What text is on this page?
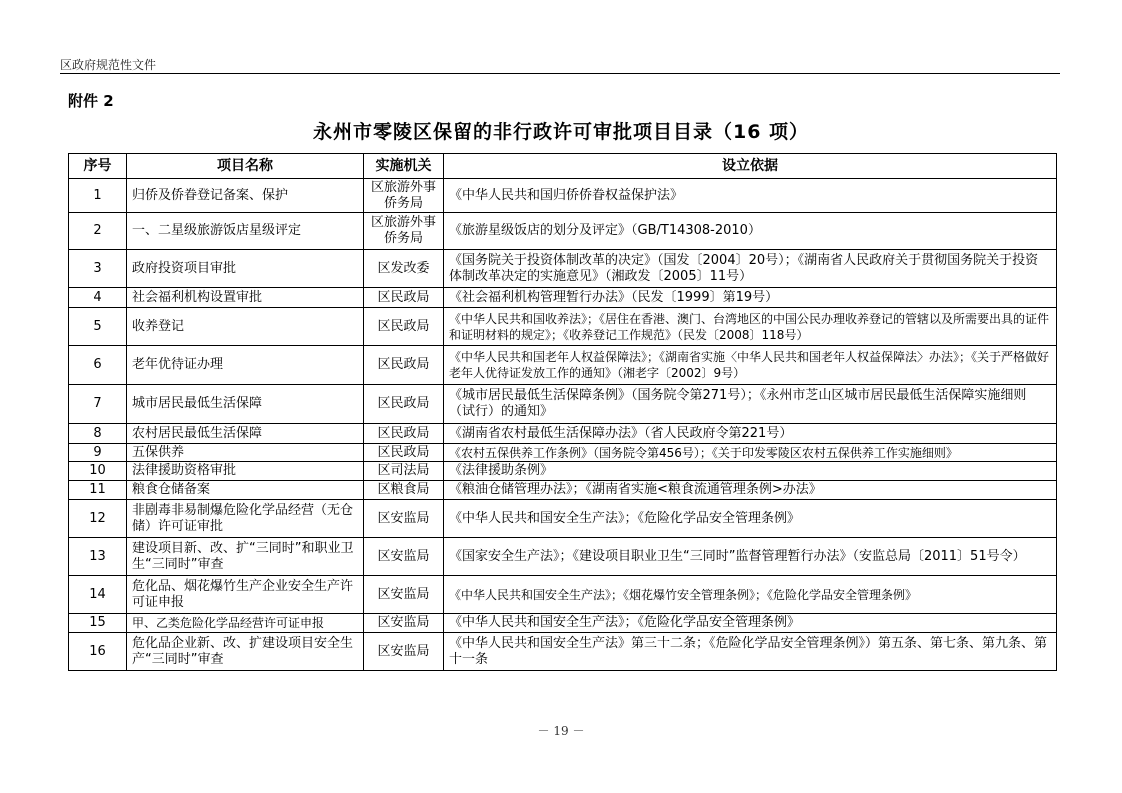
区政府规范性文件
附件 2
永州市零陵区保留的非行政许可审批项目目录（16 项）
序号	项目名称	实施机关	设立依据
1	归侨及侨眷登记备案、保护	区旅游外事侨务局	《中华人民共和国归侨侨眷权益保护法》
2	一、二星级旅游饭店星级评定	区旅游外事侨务局	《旅游星级饭店的划分及评定》（GB/T14308-2010）
3	政府投资项目审批	区发改委	《国务院关于投资体制改革的决定》（国发〔2004〕20号）；《湖南省人民政府关于贯彻国务院关于投资体制改革决定的实施意见》（湘政发〔2005〕11号）
4	社会福利机构设置审批	区民政局	《社会福利机构管理暂行办法》（民发〔1999〕第19号）
5	收养登记	区民政局	《中华人民共和国收养法》；《居住在香港、澳门、台湾地区的中国公民办理收养登记的管辖以及所需要出具的证件和证明材料的规定》；《收养登记工作规范》（民发〔2008〕118号）
6	老年优待证办理	区民政局	《中华人民共和国老年人权益保障法》；《湖南省实施〈中华人民共和国老年人权益保障法〉办法》；《关于严格做好老年人优待证发放工作的通知》（湘老字〔2002〕9号）
7	城市居民最低生活保障	区民政局	《城市居民最低生活保障条例》（国务院令第271号）；《永州市芝山区城市居民最低生活保障实施细则（试行）的通知》
8	农村居民最低生活保障	区民政局	《湖南省农村最低生活保障办法》（省人民政府令第221号）
9	五保供养	区民政局	《农村五保供养工作条例》（国务院令第456号）；《关于印发零陵区农村五保供养工作实施细则》
10	法律援助资格审批	区司法局	《法律援助条例》
11	粮食仓储备案	区粮食局	《粮油仓储管理办法》；《湖南省实施<粮食流通管理条例>办法》
12	非剧毒非易制爆危险化学品经营（无仓储）许可证审批	区安监局	《中华人民共和国安全生产法》；《危险化学品安全管理条例》
13	建设项目新、改、扩“三同时”和职业卫生“三同时”审查	区安监局	《国家安全生产法》；《建设项目职业卫生“三同时”监督管理暂行办法》（安监总局〔2011〕51号令）
14	危化品、烟花爆竹生产企业安全生产许可证申报	区安监局	《中华人民共和国安全生产法》；《烟花爆竹安全管理条例》；《危险化学品安全管理条例》
15	甲、乙类危险化学品经营许可证申报	区安监局	《中华人民共和国安全生产法》；《危险化学品安全管理条例》
16	危化品企业新、改、扩建设项目安全生产“三同时”审查	区安监局	《中华人民共和国安全生产法》第三十二条；《危险化学品安全管理条例》）第五条、第七条、第九条、第十一条
－ 19 －
